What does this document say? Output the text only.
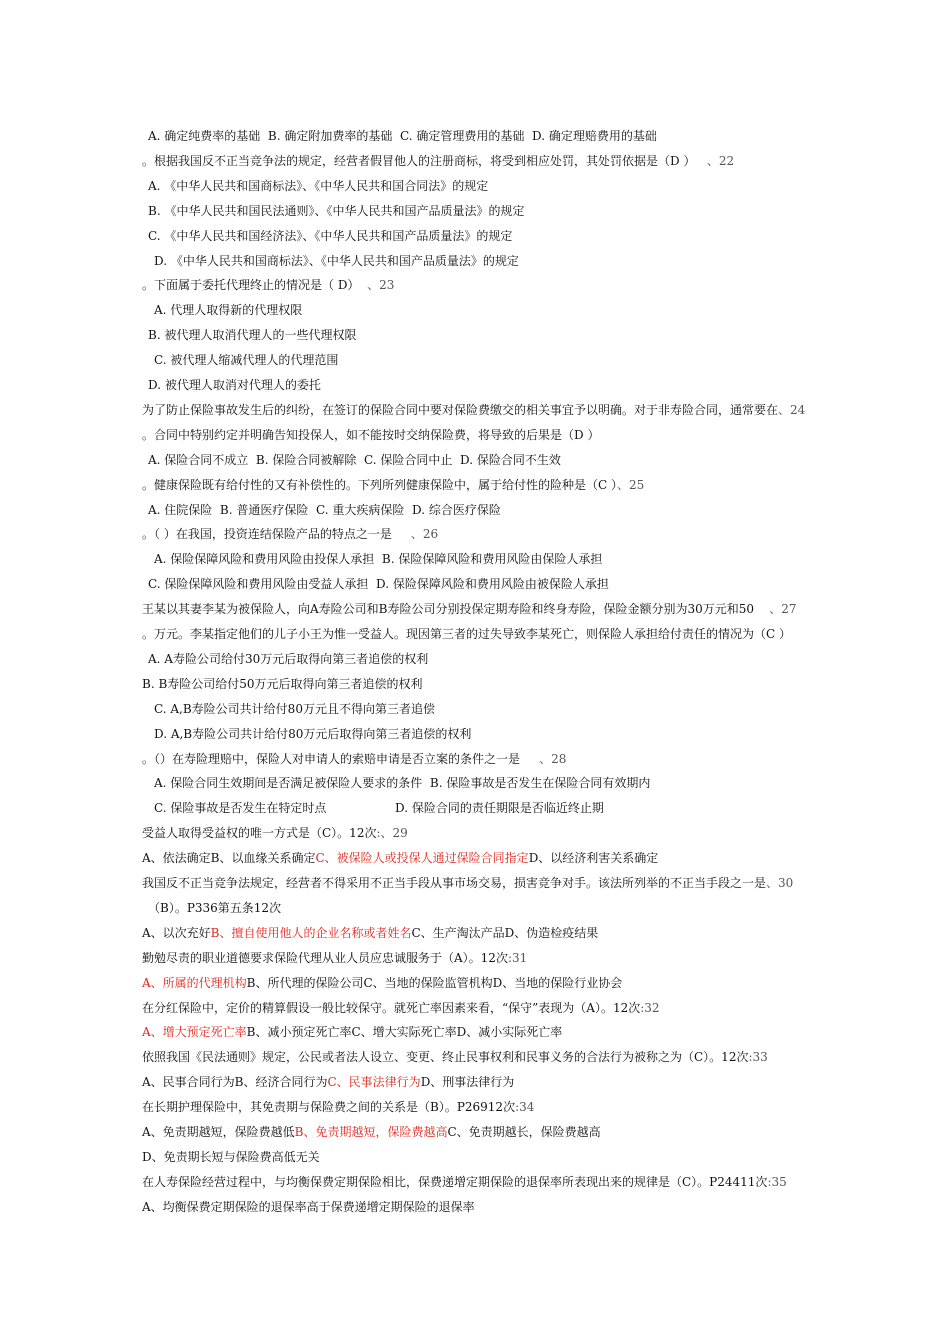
A. 确定纯费率的基础  B. 确定附加费率的基础  C. 确定管理费用的基础  D. 确定理赔费用的基础
。根据我国反不正当竞争法的规定，经营者假冒他人的注册商标，将受到相应处罚，其处罚依据是（D ）   、22
A. 《中华人民共和国商标法》、《中华人民共和国合同法》的规定
B. 《中华人民共和国民法通则》、《中华人民共和国产品质量法》的规定
C. 《中华人民共和国经济法》、《中华人民共和国产品质量法》的规定
D. 《中华人民共和国商标法》、《中华人民共和国产品质量法》的规定
。下面属于委托代理终止的情况是（ D）  、23
A. 代理人取得新的代理权限
B. 被代理人取消代理人的一些代理权限
C. 被代理人缩减代理人的代理范围
D. 被代理人取消对代理人的委托
为了防止保险事故发生后的纠纷，在签订的保险合同中要对保险费缴交的相关事宜予以明确。对于非寿险合同，通常要在、24
。合同中特别约定并明确告知投保人，如不能按时交纳保险费，将导致的后果是（D ）
A. 保险合同不成立  B. 保险合同被解除  C. 保险合同中止  D. 保险合同不生效
。健康保险既有给付性的又有补偿性的。下列所列健康保险中，属于给付性的险种是（C ）、25
A. 住院保险  B. 普通医疗保险  C. 重大疾病保险  D. 综合医疗保险
。（ ）在我国，投资连结保险产品的特点之一是     、26
A. 保险保障风险和费用风险由投保人承担  B. 保险保障风险和费用风险由保险人承担
C. 保险保障风险和费用风险由受益人承担  D. 保险保障风险和费用风险由被保险人承担
王某以其妻李某为被保险人，向A寿险公司和B寿险公司分别投保定期寿险和终身寿险，保险金额分别为30万元和50    、27
。万元。李某指定他们的儿子小王为惟一受益人。现因第三者的过失导致李某死亡，则保险人承担给付责任的情况为（C ）
A. A寿险公司给付30万元后取得向第三者追偿的权利
B. B寿险公司给付50万元后取得向第三者追偿的权利
C. A,B寿险公司共计给付80万元且不得向第三者追偿
D. A,B寿险公司共计给付80万元后取得向第三者追偿的权利
。（）在寿险理赔中，保险人对申请人的索赔申请是否立案的条件之一是     、28
A. 保险合同生效期间是否满足被保险人要求的条件  B. 保险事故是否发生在保险合同有效期内
C. 保险事故是否发生在特定时点                  D. 保险合同的责任期限是否临近终止期
受益人取得受益权的唯一方式是（C）。12次:、29
A、依法确定B、以血缘关系确定C、被保险人或投保人通过保险合同指定D、以经济利害关系确定
我国反不正当竞争法规定，经营者不得采用不正当手段从事市场交易，损害竞争对手。该法所列举的不正当手段之一是、30
（B）。P336第五条12次
A、以次充好B、擅自使用他人的企业名称或者姓名C、生产淘汰产品D、伪造检疫结果
勤勉尽责的职业道德要求保险代理从业人员应忠诚服务于（A）。12次:31
A、所属的代理机构B、所代理的保险公司C、当地的保险监管机构D、当地的保险行业协会
在分红保险中，定价的精算假设一般比较保守。就死亡率因素来看，“保守”表现为（A）。12次:32
A、增大预定死亡率B、减小预定死亡率C、增大实际死亡率D、减小实际死亡率
依照我国《民法通则》规定，公民或者法人设立、变更、终止民事权利和民事义务的合法行为被称之为（C）。12次:33
A、民事合同行为B、经济合同行为C、民事法律行为D、刑事法律行为
在长期护理保险中，其免责期与保险费之间的关系是（B）。P26912次:34
A、免责期越短，保险费越低B、免责期越短，保险费越高C、免责期越长，保险费越高
D、免责期长短与保险费高低无关
在人寿保险经营过程中，与均衡保费定期保险相比，保费递增定期保险的退保率所表现出来的规律是（C）。P24411次:35
A、均衡保费定期保险的退保率高于保费递增定期保险的退保率
